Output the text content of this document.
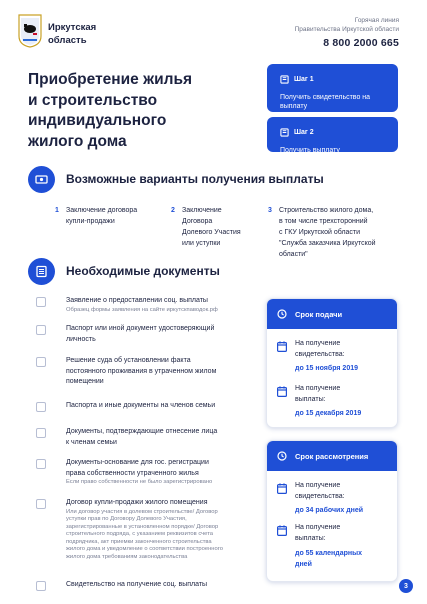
Иркутская
область
Горячая линия
Правительства Иркутской области
8 800 2000 665
Приобретение жилья
и строительство
индивидуального
жилого дома
Шаг 1
Получить свидетельство на выплату
Шаг 2
Получить выплату
Возможные варианты получения выплаты
1 Заключение договора
купли-продажи
2 Заключение
Договора
Долевого Участия
или уступки
3 Строительство жилого дома,
в том числе трехсторонний
с ГКУ Иркутской области
"Служба заказчика Иркутской
области"
Необходимые документы
Заявление о предоставлении соц. выплаты
Образец формы заявления на сайте иркутскпаводок.рф
Паспорт или иной документ удостоверяющий
личность
Решение суда об установлении факта
постоянного проживания в утраченном жилом
помещении
Паспорта и иные документы на членов семьи
Документы, подтверждающие отнесение лица
к членам семьи
Документы-основание для гос. регистрации
права собственности утраченного жилья
Если право собственности не было зарегистрировано
Договор купли-продажи жилого помещения
Или договор участия в долевом строительстве/ Договор
уступки прав по Договору Долевого Участия,
зарегистрированные в установленном порядке/ Договор
строительного подряда, с указанием реквизитов счета
подрядчика, акт приемки законченного строительства
жилого дома и уведомление о соответствии построенного
жилого дома требованиям законодательства
Свидетельство на получение соц. выплаты
Срок подачи
На получение
свидетельства:
до 15 ноября 2019
На получение
выплаты:
до 15 декабря 2019
Срок рассмотрения
На получение
свидетельства:
до 34 рабочих дней
На получение
выплаты:
до 55 календарных
дней
3
